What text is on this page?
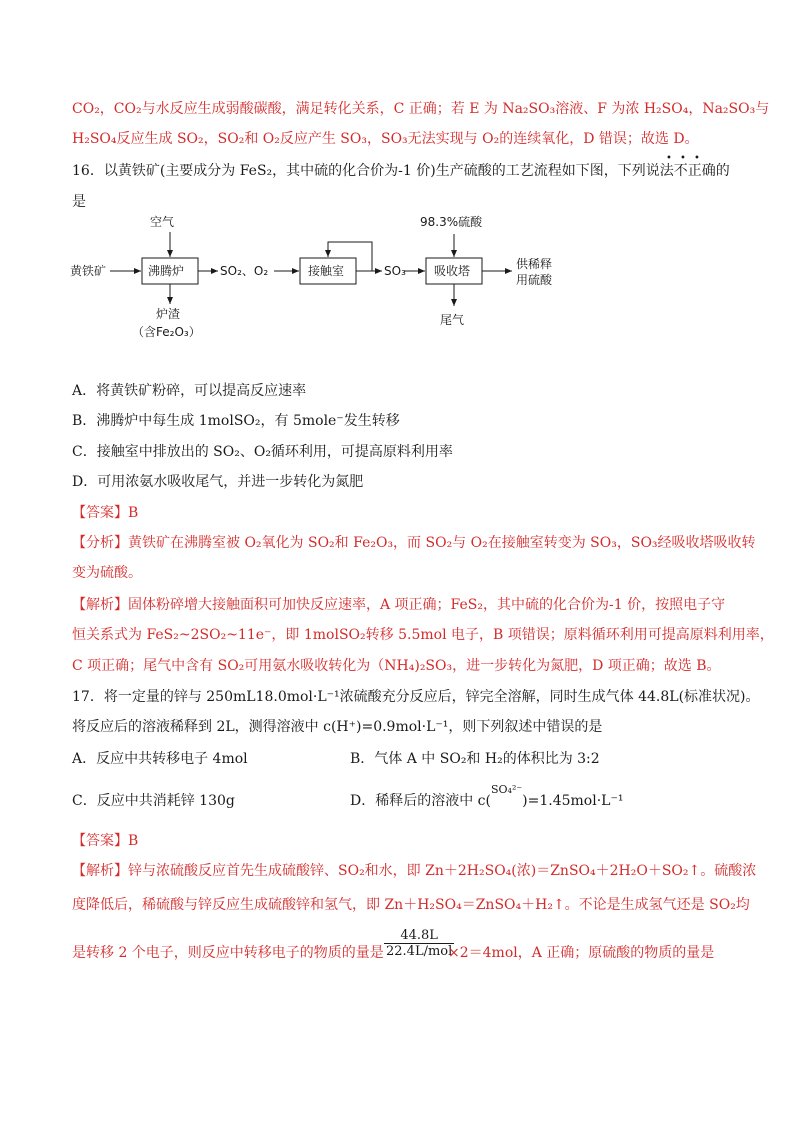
CO₂，CO₂与水反应生成弱酸碳酸，满足转化关系，C 正确；若 E 为 Na₂SO₃溶液、F 为浓 H₂SO₄，Na₂SO₃与
H₂SO₄反应生成 SO₂，SO₂和 O₂反应产生 SO₃，SO₃无法实现与 O₂的连续氧化，D 错误；故选 D。
16．以黄铁矿(主要成分为 FeS₂，其中硫的化合价为-1 价)生产硫酸的工艺流程如下图，下列说法不正确的
• • •
是
空气
黄铁矿	沸腾炉	SO₂、O₂	接触室	SO₃
98.3%硫酸
吸收塔	供稀释
用硫酸
炉渣
（含Fe₂O₃）
尾气
A．将黄铁矿粉碎，可以提高反应速率
B．沸腾炉中每生成 1molSO₂，有 5mole⁻发生转移
C．接触室中排放出的 SO₂、O₂循环利用，可提高原料利用率
D．可用浓氨水吸收尾气，并进一步转化为氮肥
【答案】B
【分析】黄铁矿在沸腾室被 O₂氧化为 SO₂和 Fe₂O₃，而 SO₂与 O₂在接触室转变为 SO₃，SO₃经吸收塔吸收转
变为硫酸。
【解析】固体粉碎增大接触面积可加快反应速率，A 项正确；FeS₂，其中硫的化合价为-1 价，按照电子守
恒关系式为 FeS₂~2SO₂~11e⁻，即 1molSO₂转移 5.5mol 电子，B 项错误；原料循环利用可提高原料利用率，
C 项正确；尾气中含有 SO₂可用氨水吸收转化为（NH₄)₂SO₃，进一步转化为氮肥，D 项正确；故选 B。
17．将一定量的锌与 250mL18.0mol·L⁻¹浓硫酸充分反应后，锌完全溶解，同时生成气体 44.8L(标准状况)。
将反应后的溶液稀释到 2L，测得溶液中 c(H⁺)=0.9mol·L⁻¹，则下列叙述中错误的是
A．反应中共转移电子 4mol	B．气体 A 中 SO₂和 H₂的体积比为 3:2
C．反应中共消耗锌 130g	D．稀释后的溶液中 c($^{SO_4^{2-}}$)=1.45mol·L⁻¹
【答案】B
【解析】锌与浓硫酸反应首先生成硫酸锌、SO₂和水，即 Zn＋2H₂SO₄(浓)＝ZnSO₄＋2H₂O＋SO₂↑。硫酸浓
度降低后，稀硫酸与锌反应生成硫酸锌和氢气，即 Zn＋H₂SO₄＝ZnSO₄＋H₂↑。不论是生成氢气还是 SO₂均
是转移 2 个电子，则反应中转移电子的物质的量是
44.8L
22.4L/mol
×2＝4mol，A 正确；原硫酸的物质的量是
